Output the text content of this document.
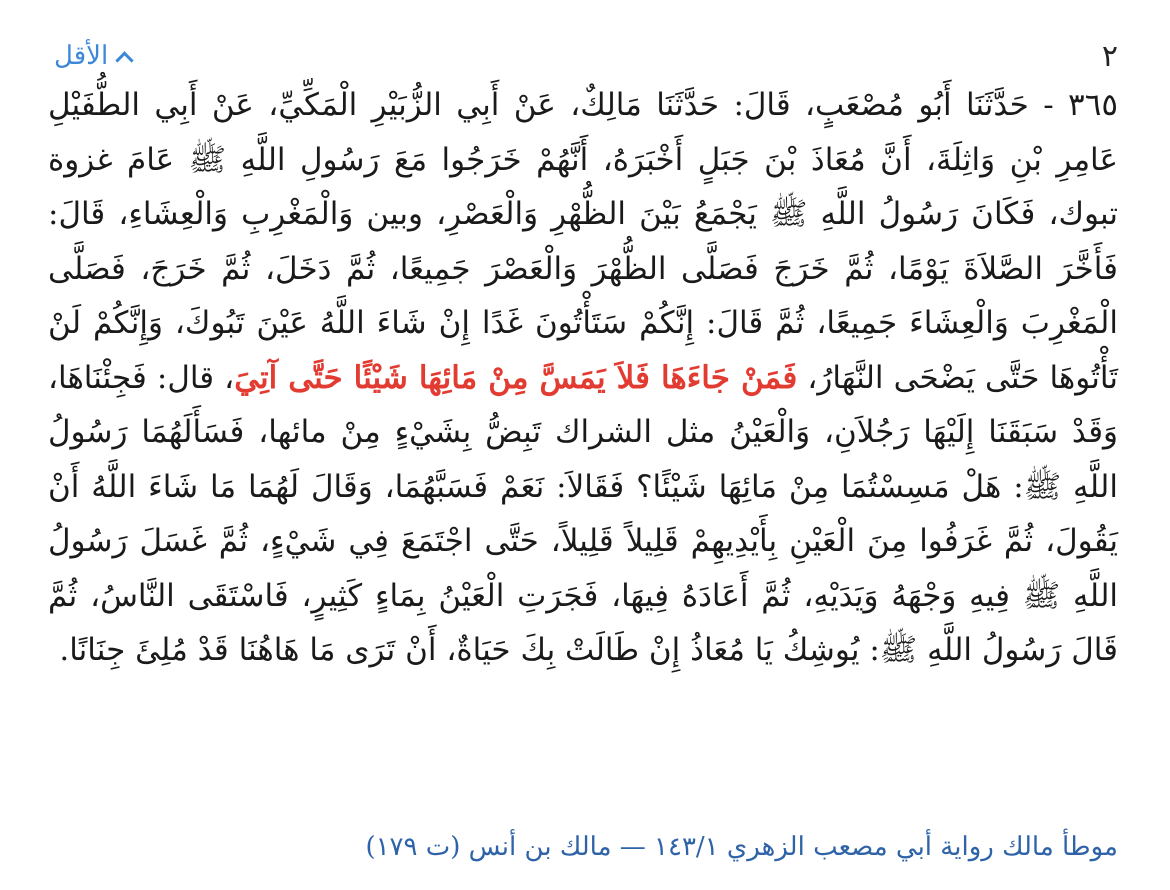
٢
الأقل

٣٦٥ - حَدَّثَنَا أَبُو مُصْعَبٍ، قَالَ: حَدَّثَنَا مَالِكٌ، عَنْ أَبِي الزُّبَيْرِ الْمَكِّيِّ، عَنْ أَبِي الطُّفَيْلِ عَامِرِ بْنِ وَاثِلَةَ، أَنَّ مُعَاذَ بْنَ جَبَلٍ أَخْبَرَهُ، أَنَّهُمْ خَرَجُوا مَعَ رَسُولِ اللَّهِ ﷺ عَامَ غزوة تبوك، فَكَانَ رَسُولُ اللَّهِ ﷺ يَجْمَعُ بَيْنَ الظُّهْرِ وَالْعَصْرِ، وبين وَالْمَغْرِبِ وَالْعِشَاءِ، قَالَ: فَأَخَّرَ الصَّلاَةَ يَوْمًا، ثُمَّ خَرَجَ فَصَلَّى الظُّهْرَ وَالْعَصْرَ جَمِيعًا، ثُمَّ دَخَلَ، ثُمَّ خَرَجَ، فَصَلَّى الْمَغْرِبَ وَالْعِشَاءَ جَمِيعًا، ثُمَّ قَالَ: إِنَّكُمْ سَتَأْتُونَ غَدًا إِنْ شَاءَ اللَّهُ عَيْنَ تَبُوكَ، وَإِنَّكُمْ لَنْ تَأْتُوهَا حَتَّى يَضْحَى النَّهَارُ، فَمَنْ جَاءَهَا فَلاَ يَمَسَّ مِنْ مَائِهَا شَيْئًا حَتَّى آتِيَ، قال: فَجِئْنَاهَا، وَقَدْ سَبَقَنَا إِلَيْهَا رَجُلاَنِ، وَالْعَيْنُ مثل الشراك تَبِضُّ بِشَيْءٍ مِنْ مائها، فَسَأَلَهُمَا رَسُولُ اللَّهِ ﷺ: هَلْ مَسِسْتُمَا مِنْ مَائِهَا شَيْئًا؟ فَقَالاَ: نَعَمْ فَسَبَّهُمَا، وَقَالَ لَهُمَا مَا شَاءَ اللَّهُ أَنْ يَقُولَ، ثُمَّ غَرَفُوا مِنَ الْعَيْنِ بِأَيْدِيهِمْ قَلِيلاً قَلِيلاً، حَتَّى اجْتَمَعَ فِي شَيْءٍ، ثُمَّ غَسَلَ رَسُولُ اللَّهِ ﷺ فِيهِ وَجْهَهُ وَيَدَيْهِ، ثُمَّ أَعَادَهُ فِيهَا، فَجَرَتِ الْعَيْنُ بِمَاءٍ كَثِيرٍ، فَاسْتَقَى النَّاسُ، ثُمَّ قَالَ رَسُولُ اللَّهِ ﷺ: يُوشِكُ يَا مُعَاذُ إِنْ طَالَتْ بِكَ حَيَاةٌ، أَنْ تَرَى مَا هَاهُنَا قَدْ مُلِئَ جِنَانًا.

موطأ مالك رواية أبي مصعب الزهري ١٤٣/١ — مالك بن أنس (ت ١٧٩)
